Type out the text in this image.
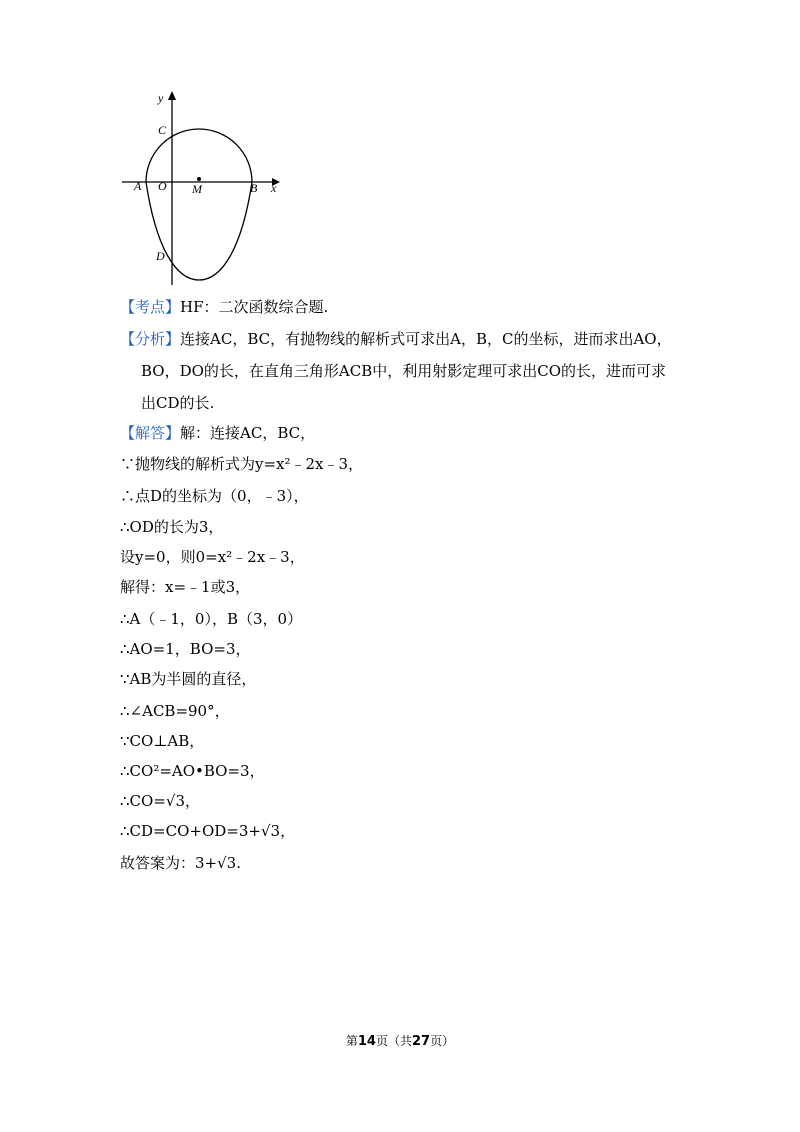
y
x
C
A O M	B
D
【考点】HF：二次函数综合题.
【分析】连接AC，BC，有抛物线的解析式可求出A，B，C的坐标，进而求出AO，
BO，DO的长，在直角三角形ACB中，利用射影定理可求出CO的长，进而可求
出CD的长.
【解答】解：连接AC，BC，
∵抛物线的解析式为y=x²﹣2x﹣3，
∴点D的坐标为（0，﹣3），
∴OD的长为3，
设y=0，则0=x²﹣2x﹣3，
解得：x=﹣1或3，
∴A（﹣1，0），B（3，0）
∴AO=1，BO=3，
∵AB为半圆的直径，
∴∠ACB=90°，
∵CO⊥AB，
∴CO²=AO•BO=3，
∴CO=√3，
∴CD=CO+OD=3+√3，
故答案为：3+√3.
第14页（共27页）
